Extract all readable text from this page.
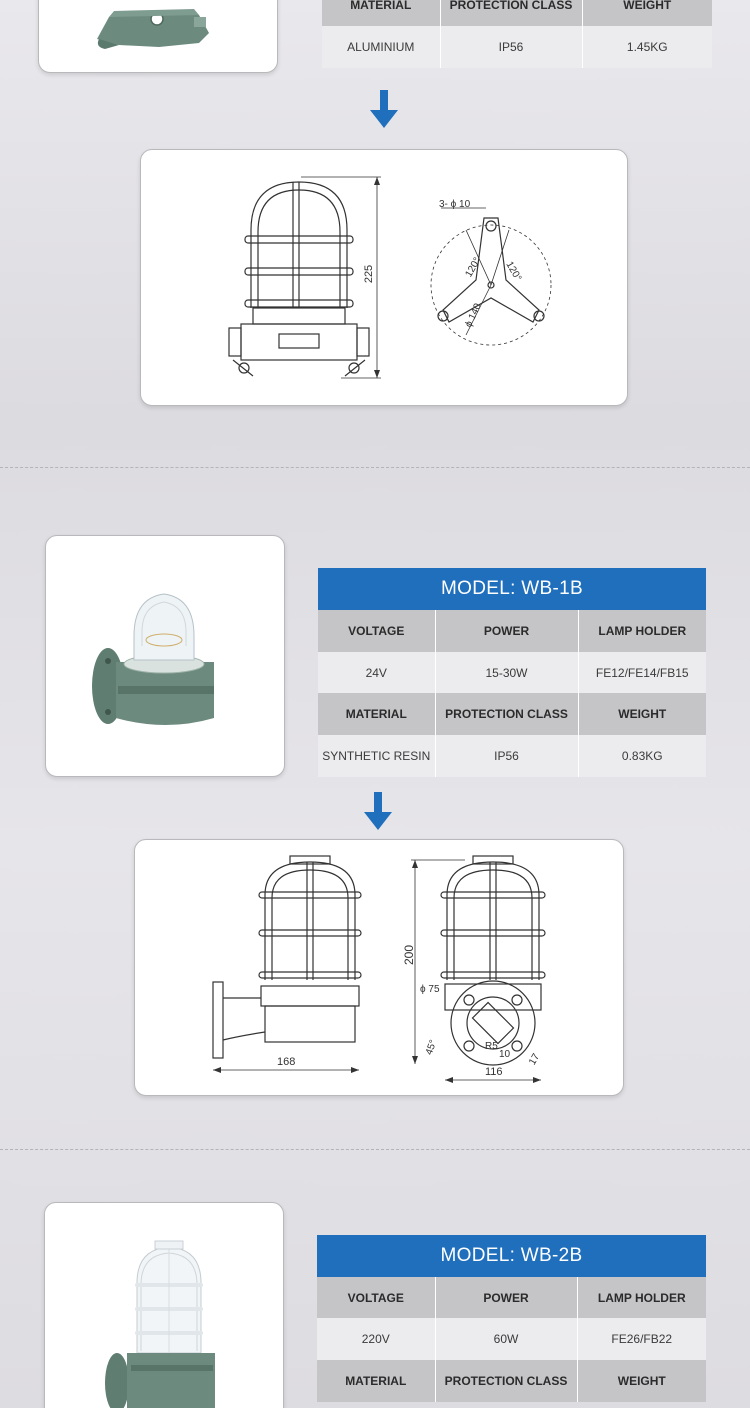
MATERIAL	PROTECTION CLASS	WEIGHT
ALUMINIUM	IP56	1.45KG
225
3- ϕ 10
120° 120°
ϕ 140
MODEL: WB-1B		
VOLTAGE	POWER	LAMP HOLDER
24V	15-30W	FE12/FE14/FB15
MATERIAL	PROTECTION CLASS	WEIGHT
SYNTHETIC RESIN	IP56	0.83KG
200
168
116
ϕ 75
45°	R5
10 17
MODEL: WB-2B		
VOLTAGE	POWER	LAMP HOLDER
220V	60W	FE26/FB22
MATERIAL	PROTECTION CLASS	WEIGHT
